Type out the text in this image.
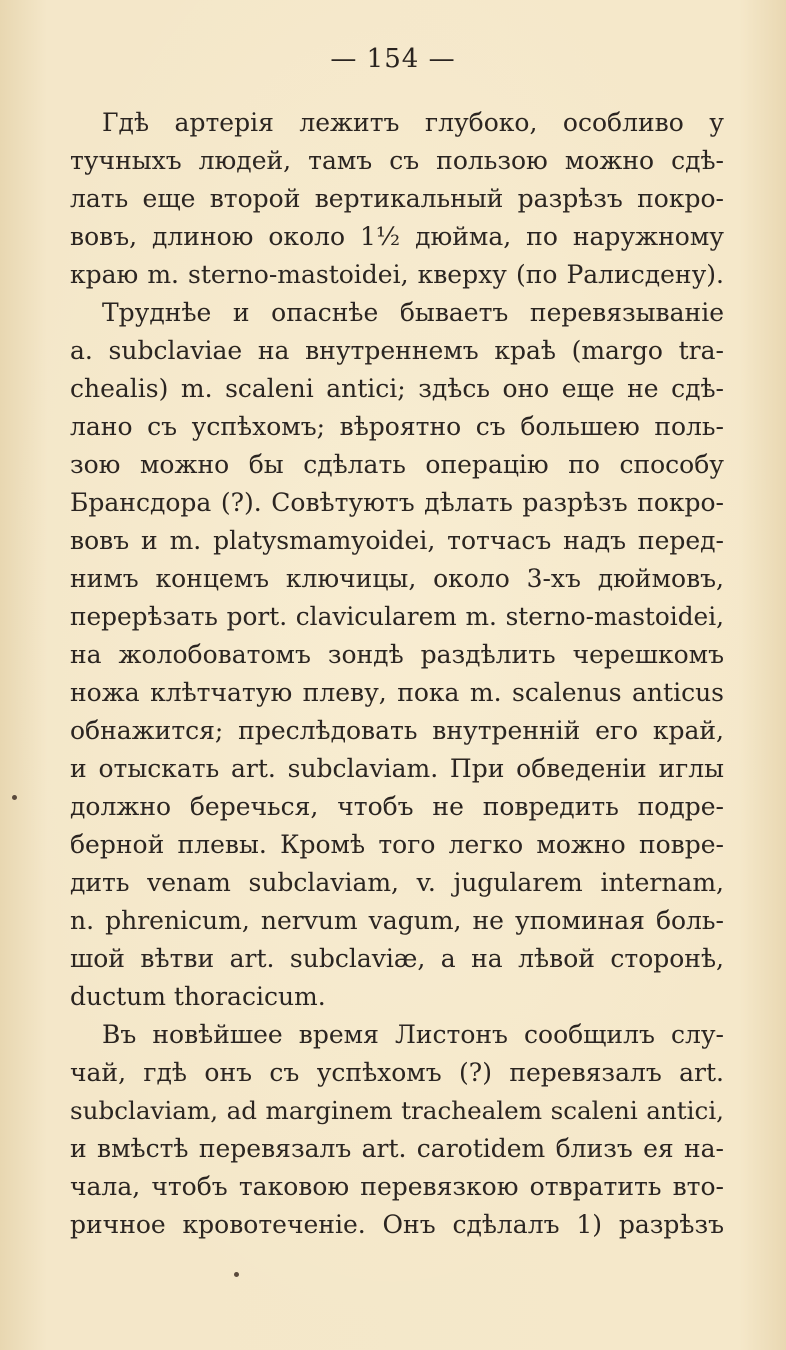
— 154 —
Гдѣ артерія лежитъ глубоко, особливо у
тучныхъ людей, тамъ съ пользою можно сдѣ-
лать еще второй вертикальный разрѣзъ покро-
вовъ, длиною около 1½ дюйма, по наружному
краю m. sterno-mastoidei, кверху (по Ралисдену).
Труднѣе и опаснѣе бываетъ перевязываніе
a. subclaviae на внутреннемъ краѣ (margo tra-
chealis) m. scaleni antici; здѣсь оно еще не сдѣ-
лано съ успѣхомъ; вѣроятно съ большею поль-
зою можно бы сдѣлать операцію по способу
Брансдора (?). Совѣтуютъ дѣлать разрѣзъ покро-
вовъ и m. platysmamyoidei, тотчасъ надъ перед-
нимъ концемъ ключицы, около 3-хъ дюймовъ,
перерѣзать port. clavicularem m. sterno-mastoidei,
на жолобоватомъ зондѣ раздѣлить черешкомъ
ножа клѣтчатую плеву, пока m. scalenus anticus
обнажится; преслѣдовать внутренній его край,
и отыскать art. subclaviam. При обведеніи иглы
должно беречься, чтобъ не повредить подре-
берной плевы. Кромѣ того легко можно повре-
дить venam subclaviam, v. jugularem internam,
n. phrenicum, nervum vagum, не упоминая боль-
шой вѣтви art. subclaviæ, а на лѣвой сторонѣ,
ductum thoracicum.
Въ новѣйшее время Листонъ сообщилъ слу-
чай, гдѣ онъ съ успѣхомъ (?) перевязалъ art.
subclaviam, ad marginem trachealem scaleni antici,
и вмѣстѣ перевязалъ art. carotidem близъ ея на-
чала, чтобъ таковою перевязкою отвратить вто-
ричное кровотеченіе. Онъ сдѣлалъ 1) разрѣзъ
